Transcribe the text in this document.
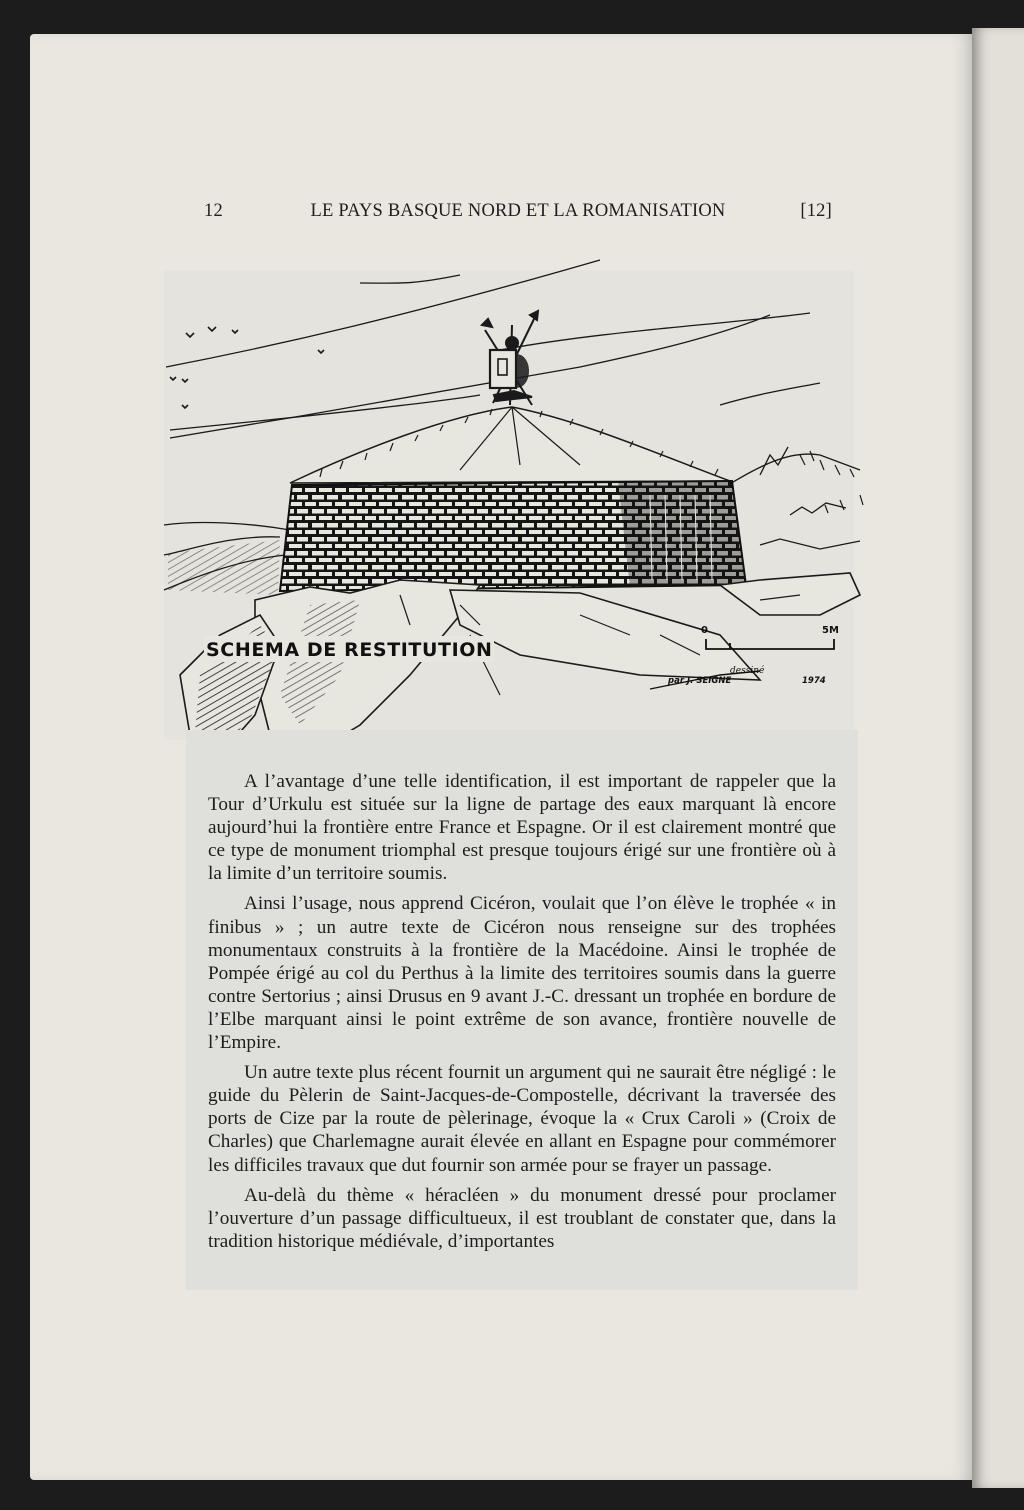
12	LE PAYS BASQUE NORD ET LA ROMANISATION	[12]
SCHEMA DE RESTITUTION
0	5M
dessiné
par J. SEIGNE	1974

A l’avantage d’une telle identification, il est important de rappeler que la Tour d’Urkulu est située sur la ligne de partage des eaux marquant là encore aujourd’hui la frontière entre France et Espagne. Or il est clairement montré que ce type de monument triomphal est presque toujours érigé sur une frontière où à la limite d’un territoire soumis.

Ainsi l’usage, nous apprend Cicéron, voulait que l’on élève le trophée « in finibus » ; un autre texte de Cicéron nous renseigne sur des trophées monumentaux construits à la frontière de la Macédoine. Ainsi le trophée de Pompée érigé au col du Perthus à la limite des territoires soumis dans la guerre contre Sertorius ; ainsi Drusus en 9 avant J.-C. dressant un trophée en bordure de l’Elbe marquant ainsi le point extrême de son avance, frontière nouvelle de l’Empire.

Un autre texte plus récent fournit un argument qui ne saurait être négligé : le guide du Pèlerin de Saint-Jacques-de-Compostelle, décrivant la traversée des ports de Cize par la route de pèlerinage, évoque la « Crux Caroli » (Croix de Charles) que Charlemagne aurait élevée en allant en Espagne pour commémorer les difficiles travaux que dut fournir son armée pour se frayer un passage.

Au-delà du thème « héracléen » du monument dressé pour proclamer l’ouverture d’un passage difficultueux, il est troublant de constater que, dans la tradition historique médiévale, d’importantes
